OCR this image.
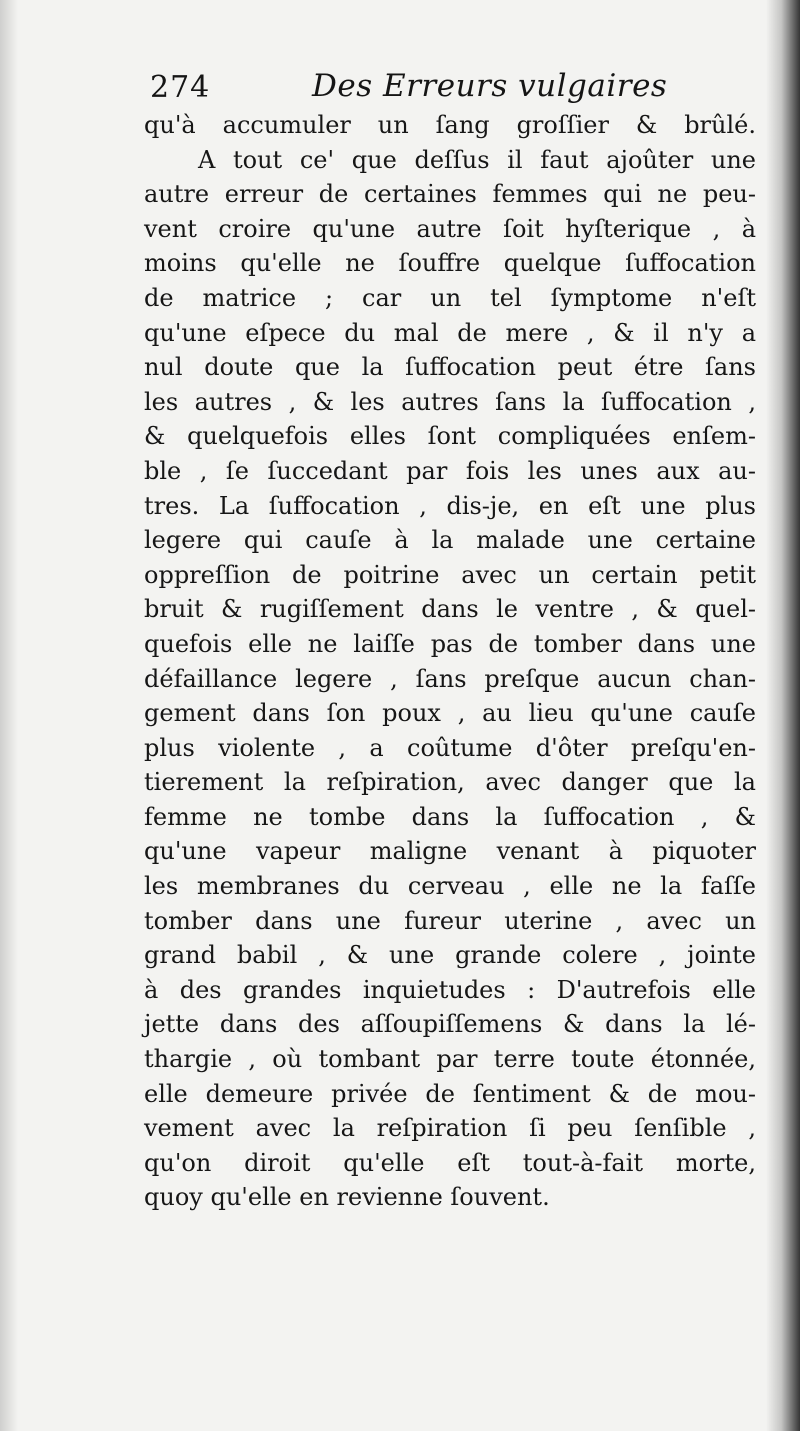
274	Des Erreurs vulgaires
qu'à accumuler un ſang groſſier & brûlé.
A tout ce' que deſſus il faut ajoûter une
autre erreur de certaines femmes qui ne peu-
vent croire qu'une autre ſoit hyſterique , à
moins qu'elle ne ſouffre quelque ſuffocation
de matrice ; car un tel ſymptome n'eſt
qu'une eſpece du mal de mere , & il n'y a
nul doute que la ſuffocation peut étre ſans
les autres , & les autres ſans la ſuffocation ,
& quelquefois elles ſont compliquées enſem-
ble , ſe ſuccedant par fois les unes aux au-
tres. La ſuffocation , dis-je, en eſt une plus
legere qui cauſe à la malade une certaine
oppreſſion de poitrine avec un certain petit
bruit & rugiſſement dans le ventre , & quel-
quefois elle ne laiſſe pas de tomber dans une
défaillance legere , ſans preſque aucun chan-
gement dans ſon poux , au lieu qu'une cauſe
plus violente , a coûtume d'ôter preſqu'en-
tierement la reſpiration, avec danger que la
femme ne tombe dans la ſuffocation , &
qu'une vapeur maligne venant à piquoter
les membranes du cerveau , elle ne la faſſe
tomber dans une fureur uterine , avec un
grand babil , & une grande colere , jointe
à des grandes inquietudes : D'autrefois elle
jette dans des aſſoupiſſemens & dans la lé-
thargie , où tombant par terre toute étonnée,
elle demeure privée de ſentiment & de mou-
vement avec la reſpiration ſi peu ſenſible ,
qu'on diroit qu'elle eſt tout-à-fait morte,
quoy qu'elle en revienne ſouvent.
